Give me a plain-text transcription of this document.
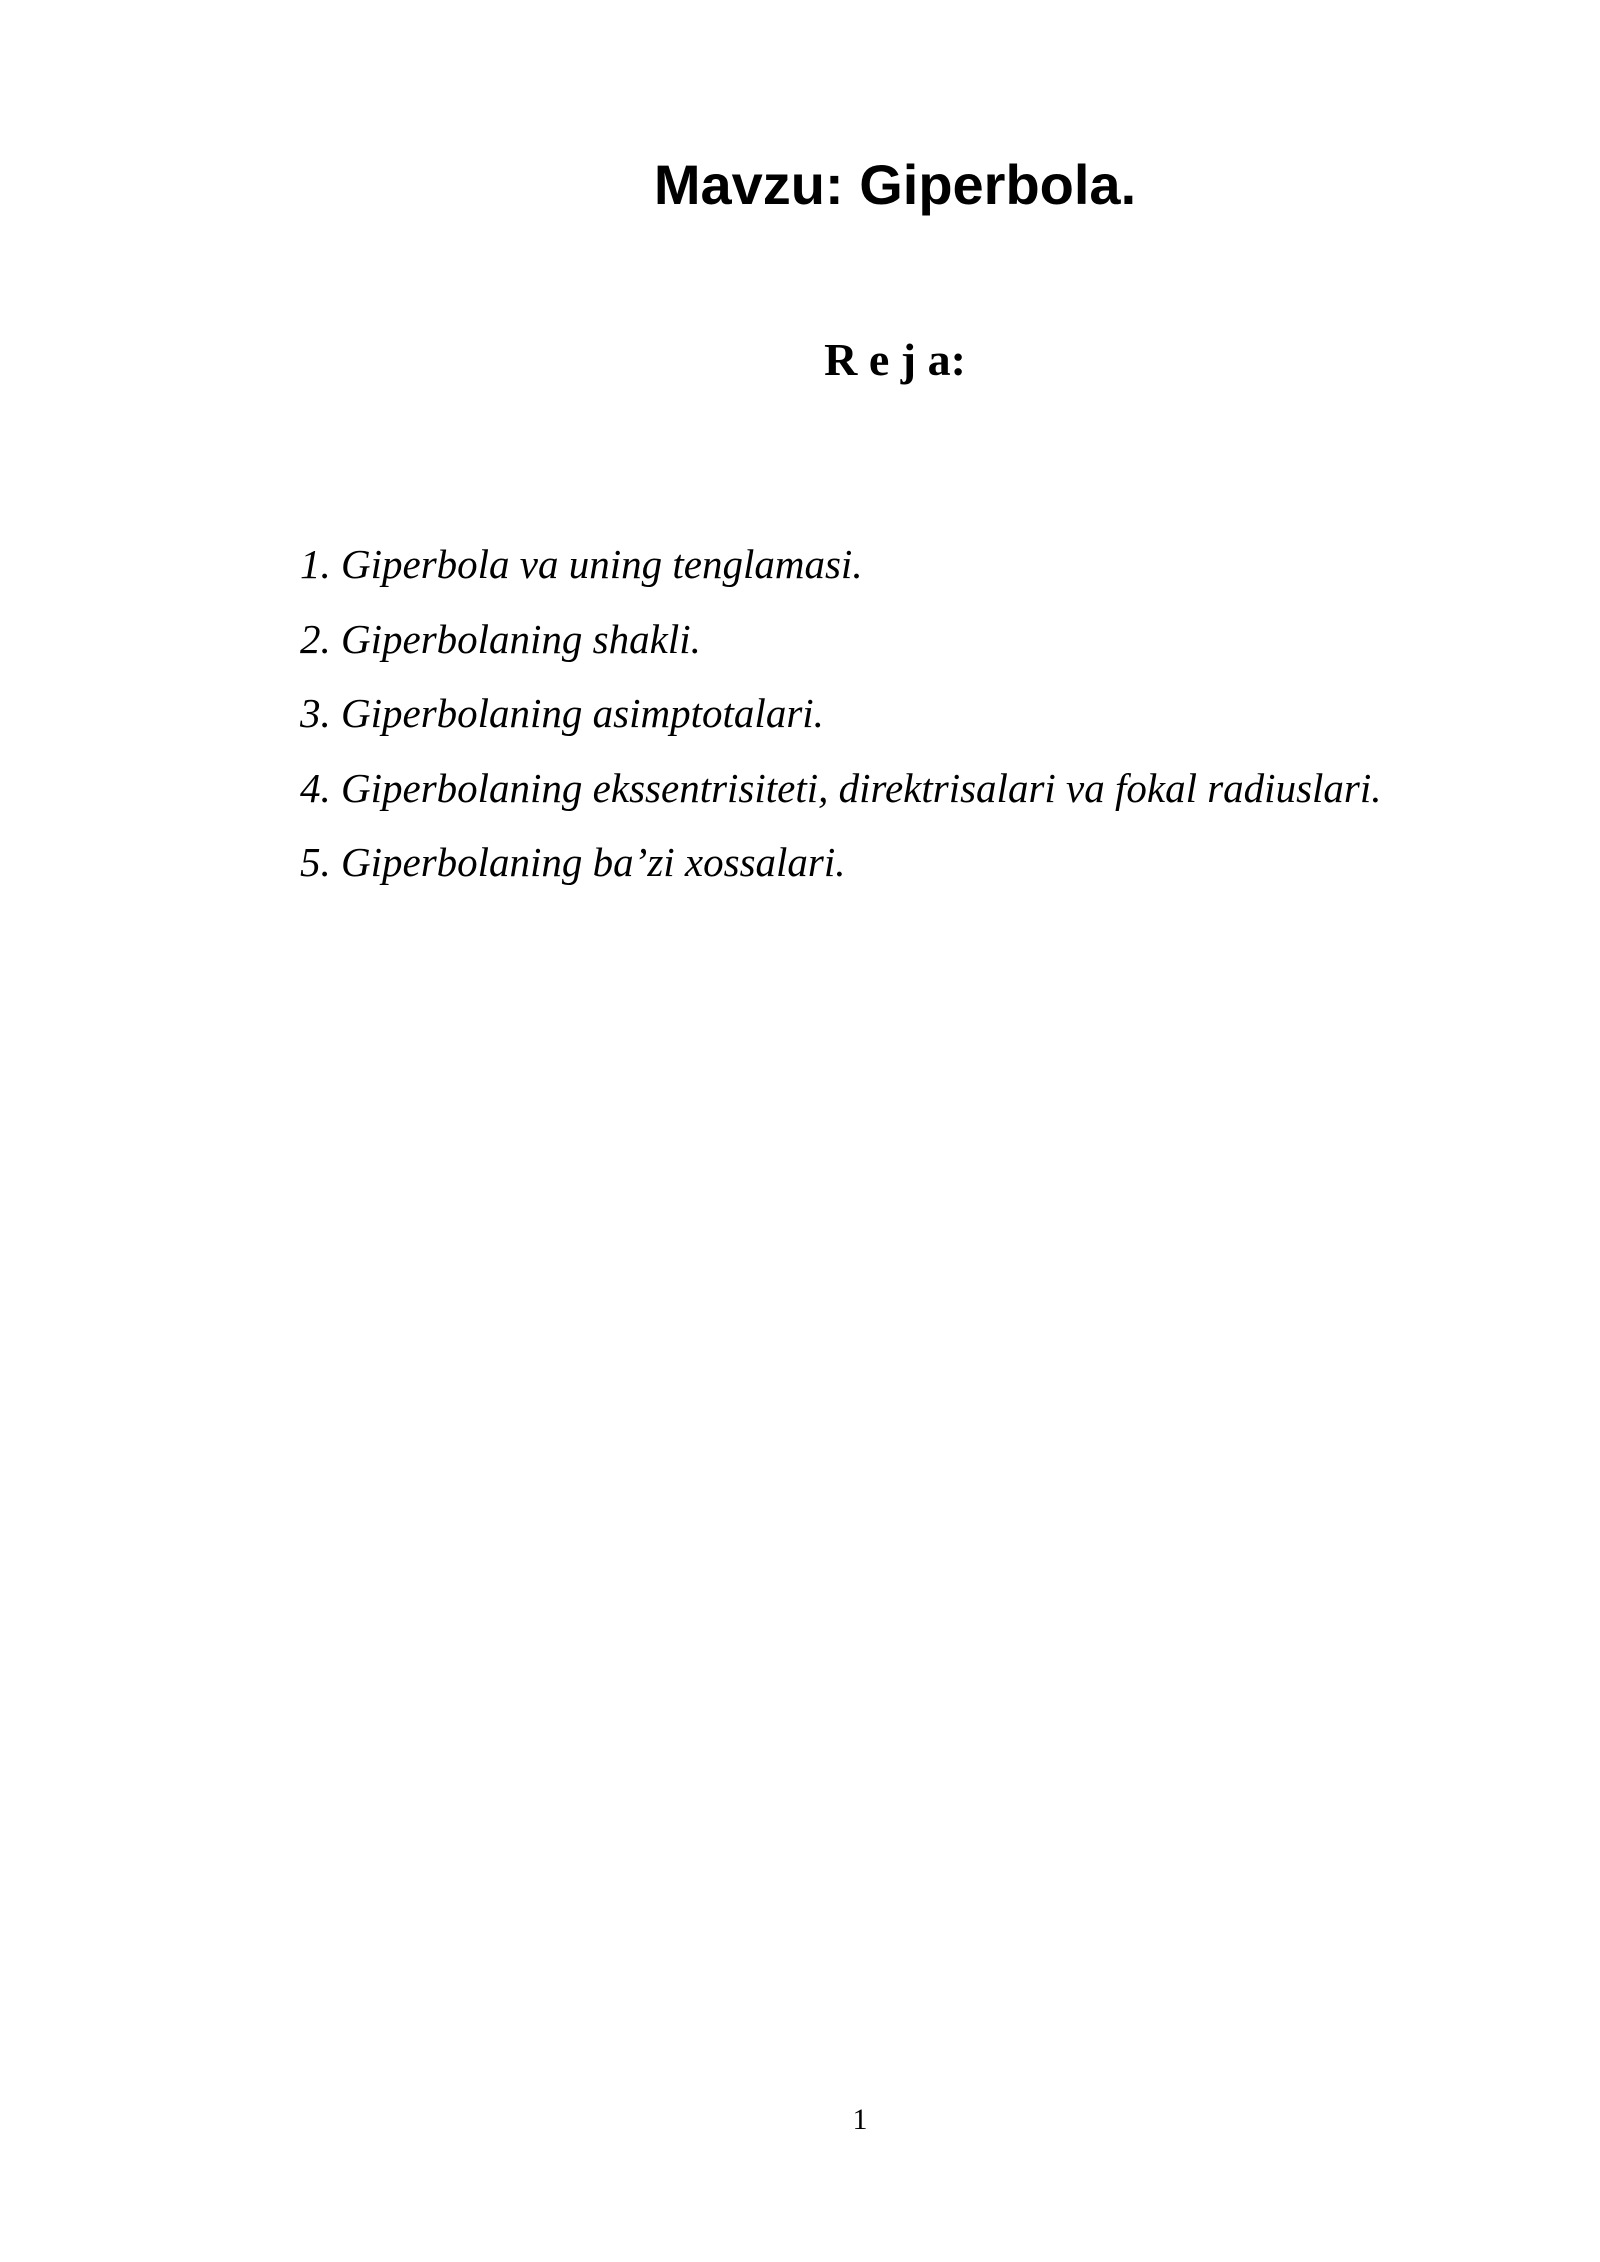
Mavzu: Giperbola.
R e j a:
1. Giperbola va uning tenglamasi.
2. Giperbolaning shakli.
3. Giperbolaning asimptotalari.
4. Giperbolaning ekssentrisiteti, direktrisalari va fokal radiuslari.
5. Giperbolaning ba’zi xossalari.
1
